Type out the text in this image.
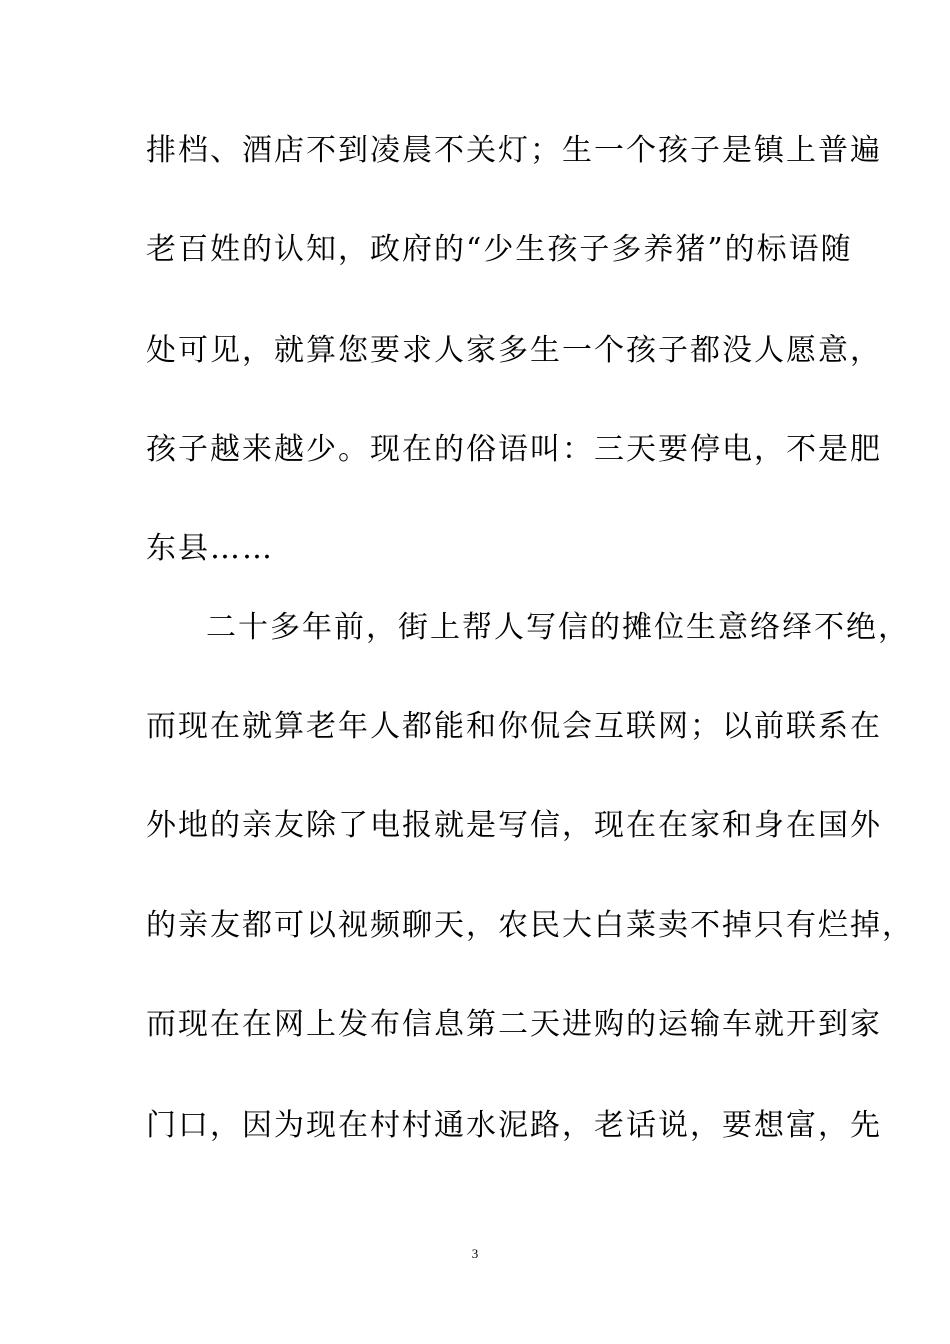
排档、酒店不到凌晨不关灯；生一个孩子是镇上普遍
老百姓的认知，政府的“少生孩子多养猪”的标语随
处可见，就算您要求人家多生一个孩子都没人愿意，
孩子越来越少。现在的俗语叫：三天要停电，不是肥
东县……
二十多年前，街上帮人写信的摊位生意络绎不绝，
而现在就算老年人都能和你侃会互联网；以前联系在
外地的亲友除了电报就是写信，现在在家和身在国外
的亲友都可以视频聊天，农民大白菜卖不掉只有烂掉，
而现在在网上发布信息第二天进购的运输车就开到家
门口，因为现在村村通水泥路，老话说，要想富，先
3
